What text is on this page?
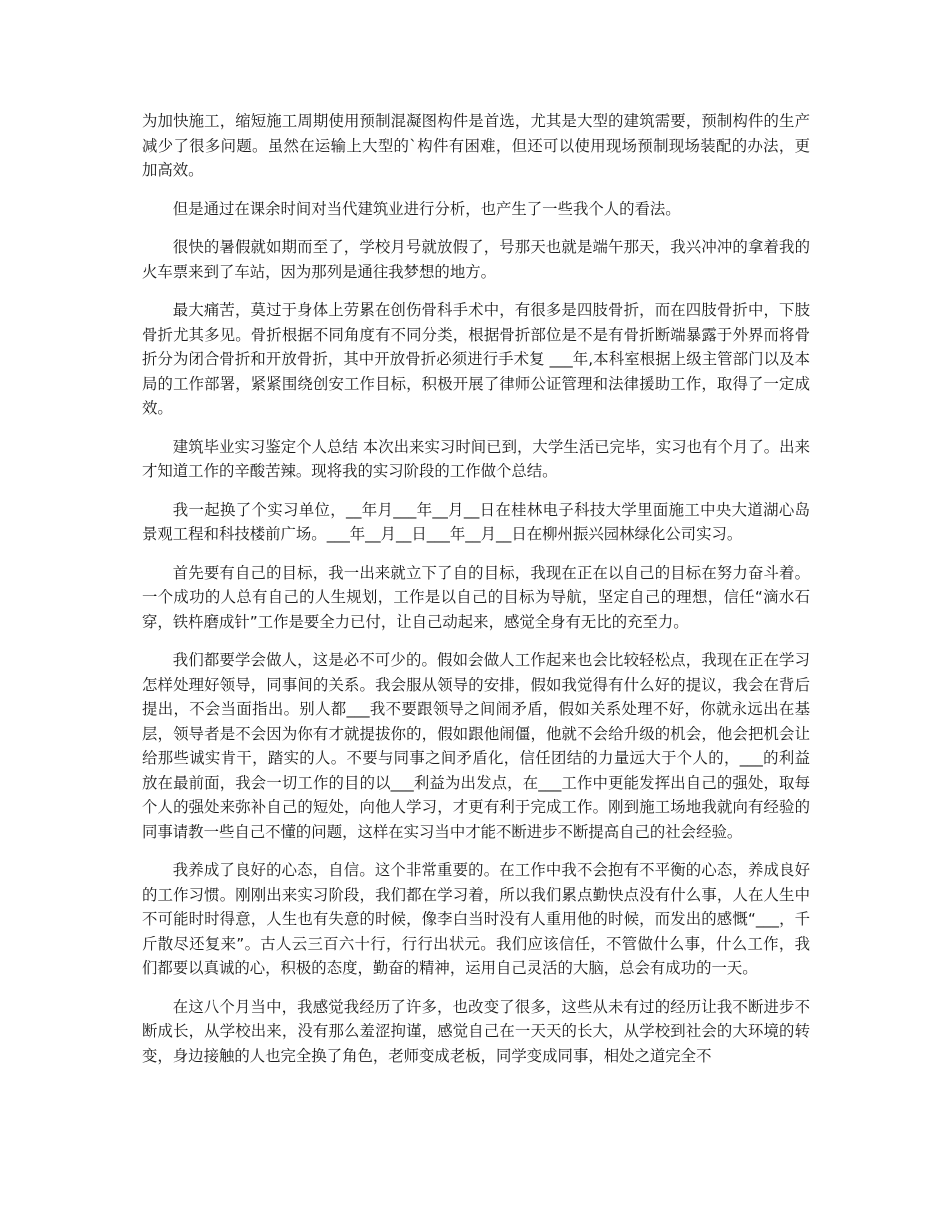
为加快施工，缩短施工周期使用预制混凝图构件是首选，尤其是大型的建筑需要，预制构件的生产减少了很多问题。虽然在运输上大型的`构件有困难，但还可以使用现场预制现场装配的办法，更加高效。

但是通过在课余时间对当代建筑业进行分析，也产生了一些我个人的看法。

很快的暑假就如期而至了，学校月号就放假了，号那天也就是端午那天，我兴冲冲的拿着我的火车票来到了车站，因为那列是通往我梦想的地方。

最大痛苦，莫过于身体上劳累在创伤骨科手术中，有很多是四肢骨折，而在四肢骨折中，下肢骨折尤其多见。骨折根据不同角度有不同分类，根据骨折部位是不是有骨折断端暴露于外界而将骨折分为闭合骨折和开放骨折，其中开放骨折必须进行手术复 ___年,本科室根据上级主管部门以及本局的工作部署，紧紧围绕创安工作目标，积极开展了律师公证管理和法律援助工作，取得了一定成效。

建筑毕业实习鉴定个人总结 本次出来实习时间已到，大学生活已完毕，实习也有个月了。出来才知道工作的辛酸苦辣。现将我的实习阶段的工作做个总结。

我一起换了个实习单位，__年月___年__月__日在桂林电子科技大学里面施工中央大道湖心岛景观工程和科技楼前广场。___年__月__日___年__月__日在柳州振兴园林绿化公司实习。

首先要有自己的目标，我一出来就立下了自的目标，我现在正在以自己的目标在努力奋斗着。一个成功的人总有自己的人生规划，工作是以自己的目标为导航，坚定自己的理想，信任“滴水石穿，铁杵磨成针”工作是要全力已付，让自己动起来，感觉全身有无比的充至力。

我们都要学会做人，这是必不可少的。假如会做人工作起来也会比较轻松点，我现在正在学习怎样处理好领导，同事间的关系。我会服从领导的安排，假如我觉得有什么好的提议，我会在背后提出，不会当面指出。别人都___我不要跟领导之间闹矛盾，假如关系处理不好，你就永远出在基层，领导者是不会因为你有才就提拔你的，假如跟他闹僵，他就不会给升级的机会，他会把机会让给那些诚实肯干，踏实的人。不要与同事之间矛盾化，信任团结的力量远大于个人的，___的利益放在最前面，我会一切工作的目的以___利益为出发点，在___工作中更能发挥出自己的强处，取每个人的强处来弥补自己的短处，向他人学习，才更有利于完成工作。刚到施工场地我就向有经验的同事请教一些自己不懂的问题，这样在实习当中才能不断进步不断提高自己的社会经验。

我养成了良好的心态，自信。这个非常重要的。在工作中我不会抱有不平衡的心态，养成良好的工作习惯。刚刚出来实习阶段，我们都在学习着，所以我们累点勤快点没有什么事，人在人生中不可能时时得意，人生也有失意的时候，像李白当时没有人重用他的时候，而发出的感慨“___，千斤散尽还复来”。古人云三百六十行，行行出状元。我们应该信任，不管做什么事，什么工作，我们都要以真诚的心，积极的态度，勤奋的精神，运用自己灵活的大脑，总会有成功的一天。

在这八个月当中，我感觉我经历了许多，也改变了很多，这些从未有过的经历让我不断进步不断成长，从学校出来，没有那么羞涩拘谨，感觉自己在一天天的长大，从学校到社会的大环境的转变，身边接触的人也完全换了角色，老师变成老板，同学变成同事，相处之道完全不
